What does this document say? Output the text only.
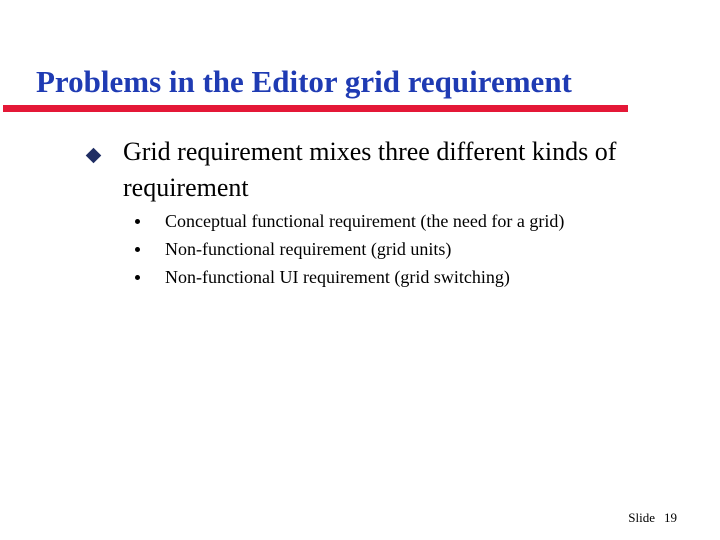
Problems in the Editor grid requirement
Grid requirement mixes three different kinds of requirement
Conceptual functional requirement (the need for a grid)
Non-functional requirement (grid units)
Non-functional UI requirement (grid switching)
Slide 19
